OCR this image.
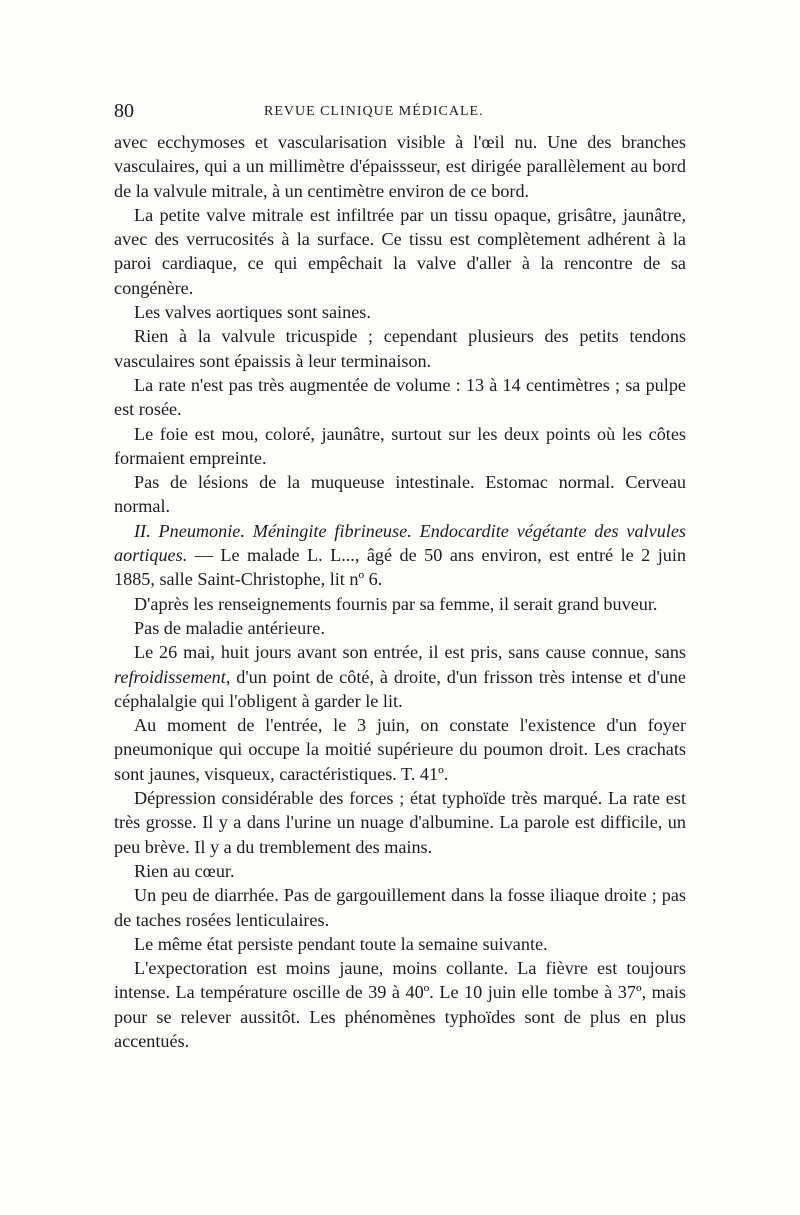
80	REVUE CLINIQUE MÉDICALE.

avec ecchymoses et vascularisation visible à l'œil nu. Une des branches vasculaires, qui a un millimètre d'épaissseur, est dirigée parallèlement au bord de la valvule mitrale, à un centimètre environ de ce bord.

La petite valve mitrale est infiltrée par un tissu opaque, grisâtre, jaunâtre, avec des verrucosités à la surface. Ce tissu est complètement adhérent à la paroi cardiaque, ce qui empêchait la valve d'aller à la rencontre de sa congénère.

Les valves aortiques sont saines.

Rien à la valvule tricuspide ; cependant plusieurs des petits tendons vasculaires sont épaissis à leur terminaison.

La rate n'est pas très augmentée de volume : 13 à 14 centimètres ; sa pulpe est rosée.

Le foie est mou, coloré, jaunâtre, surtout sur les deux points où les côtes formaient empreinte.

Pas de lésions de la muqueuse intestinale. Estomac normal. Cerveau normal.

II. Pneumonie. Méningite fibrineuse. Endocardite végétante des valvules aortiques. — Le malade L. L..., âgé de 50 ans environ, est entré le 2 juin 1885, salle Saint-Christophe, lit nº 6.

D'après les renseignements fournis par sa femme, il serait grand buveur.

Pas de maladie antérieure.

Le 26 mai, huit jours avant son entrée, il est pris, sans cause connue, sans refroidissement, d'un point de côté, à droite, d'un frisson très intense et d'une céphalalgie qui l'obligent à garder le lit.

Au moment de l'entrée, le 3 juin, on constate l'existence d'un foyer pneumonique qui occupe la moitié supérieure du poumon droit. Les crachats sont jaunes, visqueux, caractéristiques. T. 41º.

Dépression considérable des forces ; état typhoïde très marqué. La rate est très grosse. Il y a dans l'urine un nuage d'albumine. La parole est difficile, un peu brève. Il y a du tremblement des mains.

Rien au cœur.

Un peu de diarrhée. Pas de gargouillement dans la fosse iliaque droite ; pas de taches rosées lenticulaires.

Le même état persiste pendant toute la semaine suivante.

L'expectoration est moins jaune, moins collante. La fièvre est toujours intense. La température oscille de 39 à 40º. Le 10 juin elle tombe à 37º, mais pour se relever aussitôt. Les phénomènes typhoïdes sont de plus en plus accentués.
